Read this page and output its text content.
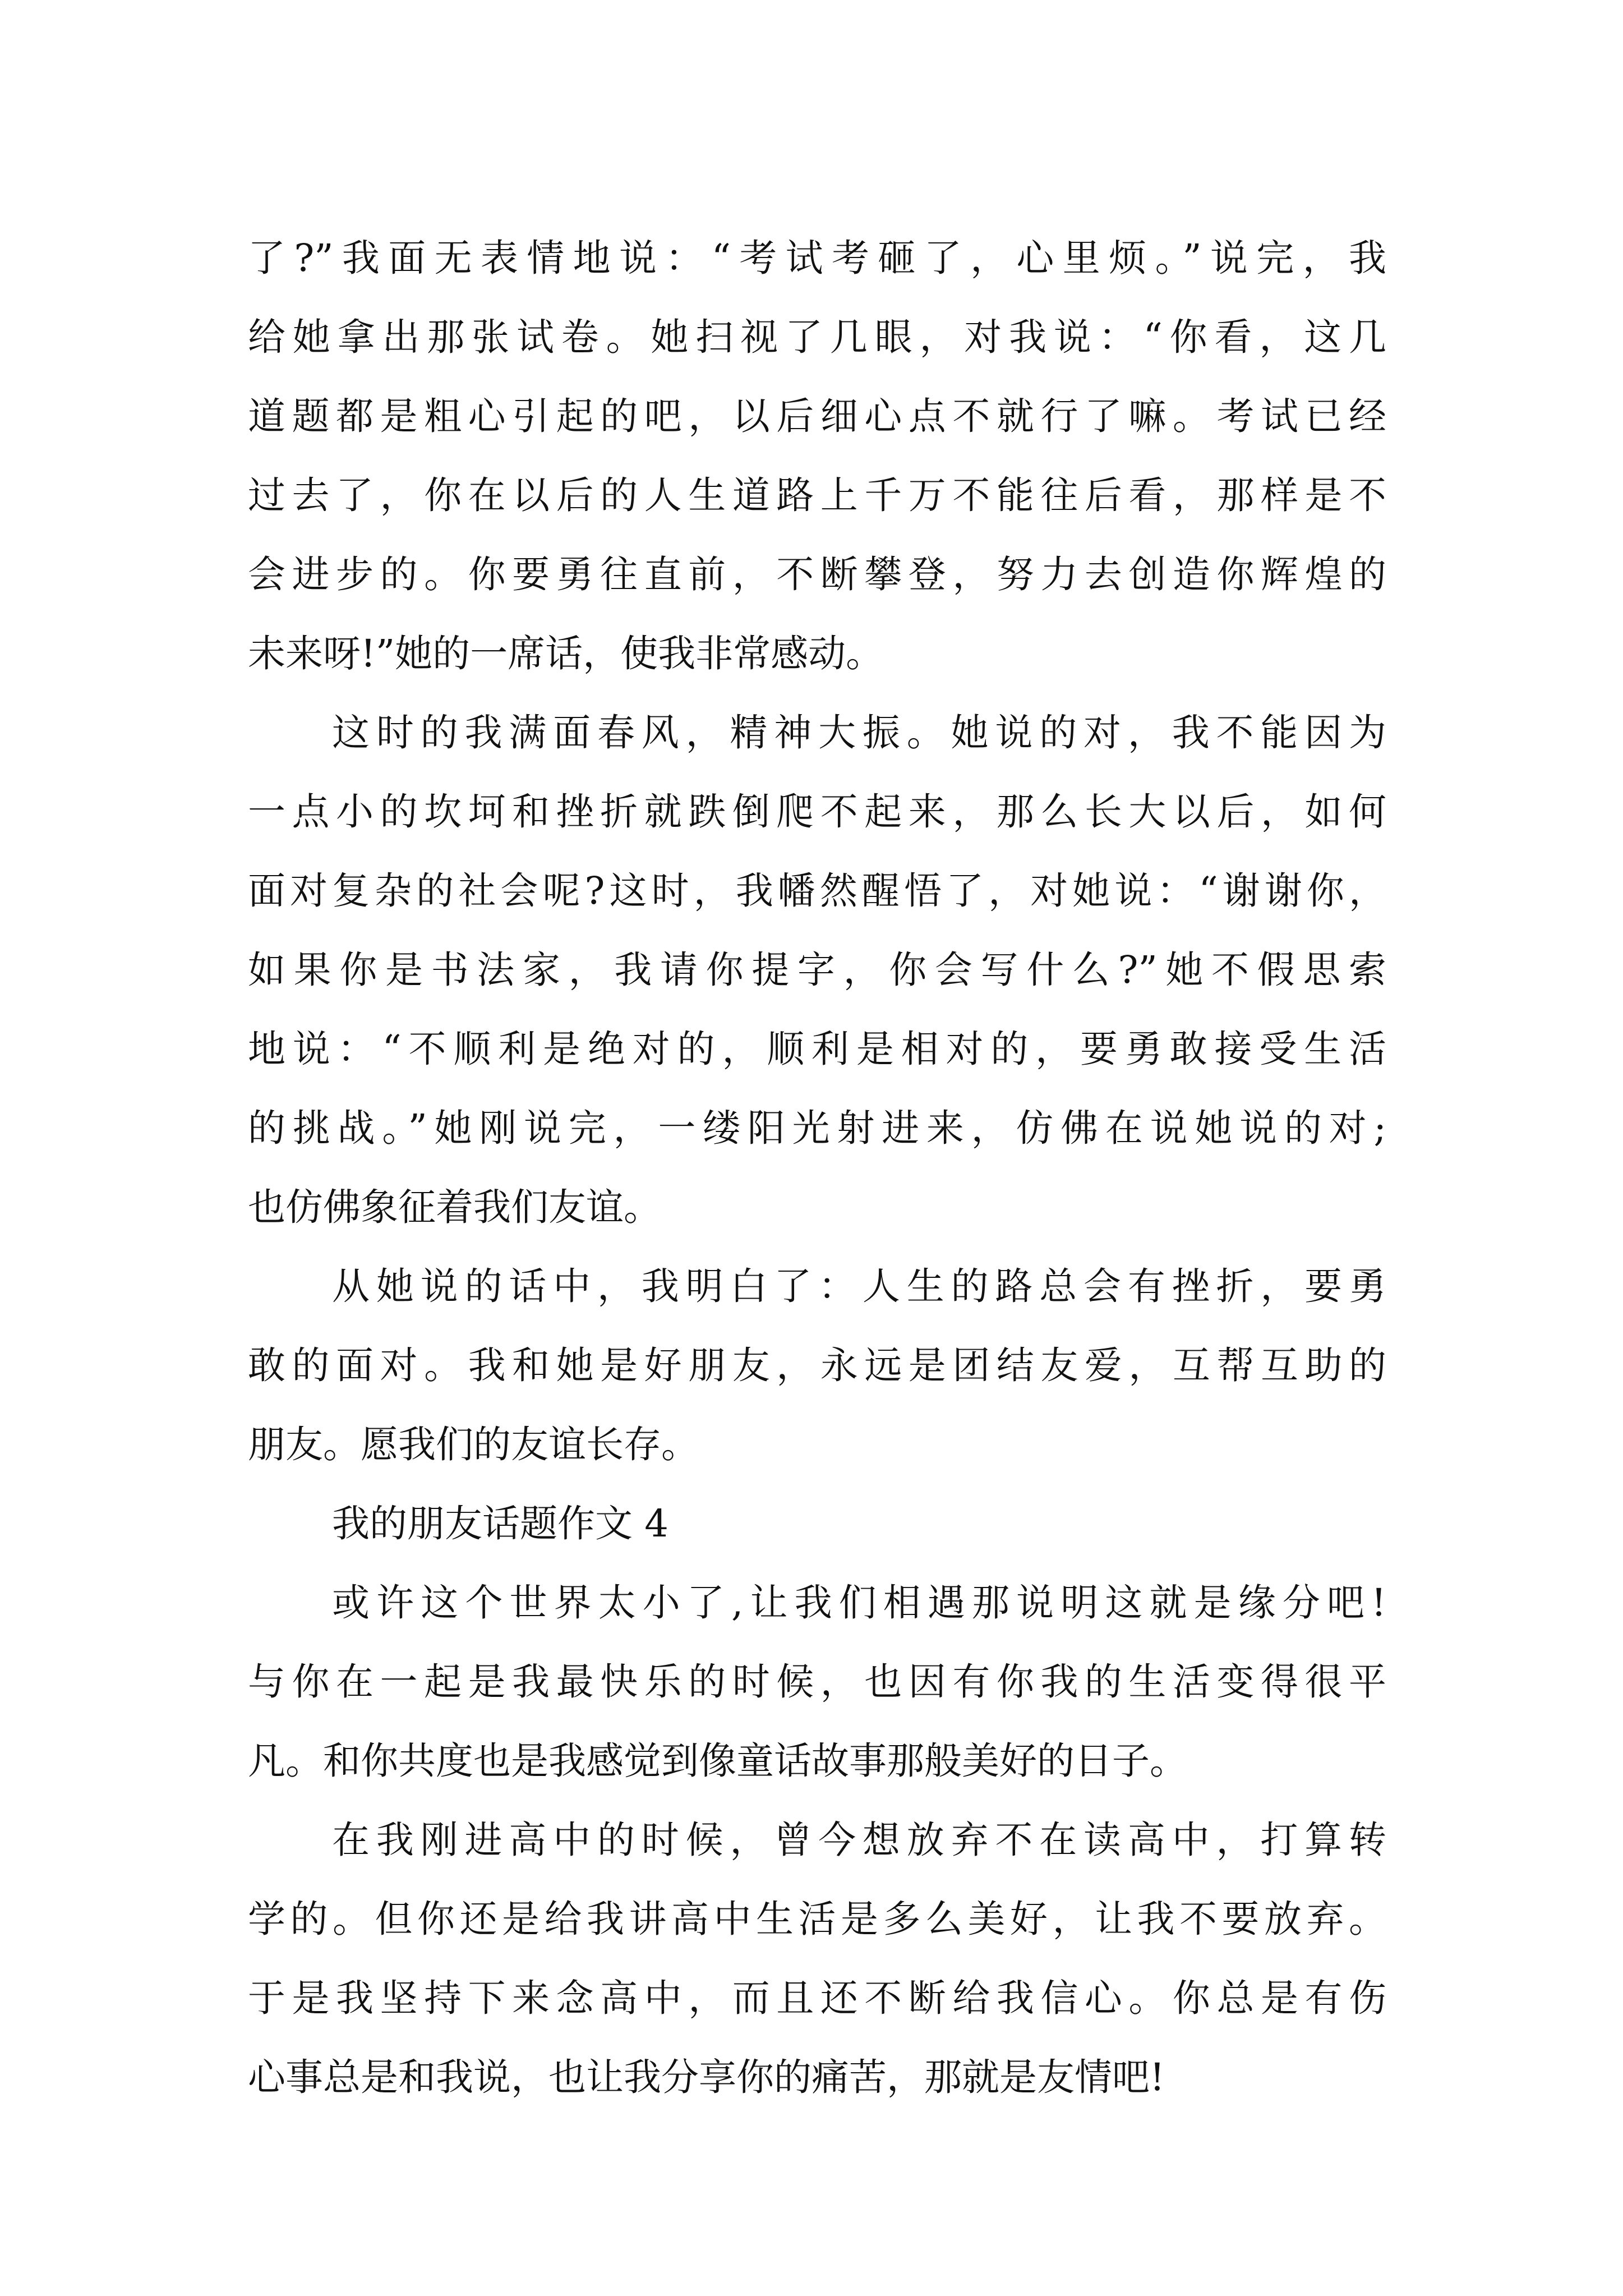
了?”我面无表情地说：“考试考砸了，心里烦。”说完，我
给她拿出那张试卷。她扫视了几眼，对我说：“你看，这几
道题都是粗心引起的吧，以后细心点不就行了嘛。考试已经
过去了，你在以后的人生道路上千万不能往后看，那样是不
会进步的。你要勇往直前，不断攀登，努力去创造你辉煌的
未来呀!”她的一席话，使我非常感动。
这时的我满面春风，精神大振。她说的对，我不能因为
一点小的坎坷和挫折就跌倒爬不起来，那么长大以后，如何
面对复杂的社会呢?这时，我幡然醒悟了，对她说：“谢谢你，
如果你是书法家，我请你提字，你会写什么?”她不假思索
地说：“不顺利是绝对的，顺利是相对的，要勇敢接受生活
的挑战。”她刚说完，一缕阳光射进来，仿佛在说她说的对;
也仿佛象征着我们友谊。
从她说的话中，我明白了：人生的路总会有挫折，要勇
敢的面对。我和她是好朋友，永远是团结友爱，互帮互助的
朋友。愿我们的友谊长存。
我的朋友话题作文 4
或许这个世界太小了,让我们相遇那说明这就是缘分吧!
与你在一起是我最快乐的时候，也因有你我的生活变得很平
凡。和你共度也是我感觉到像童话故事那般美好的日子。
在我刚进高中的时候，曾今想放弃不在读高中，打算转
学的。但你还是给我讲高中生活是多么美好，让我不要放弃。
于是我坚持下来念高中，而且还不断给我信心。你总是有伤
心事总是和我说，也让我分享你的痛苦，那就是友情吧!
